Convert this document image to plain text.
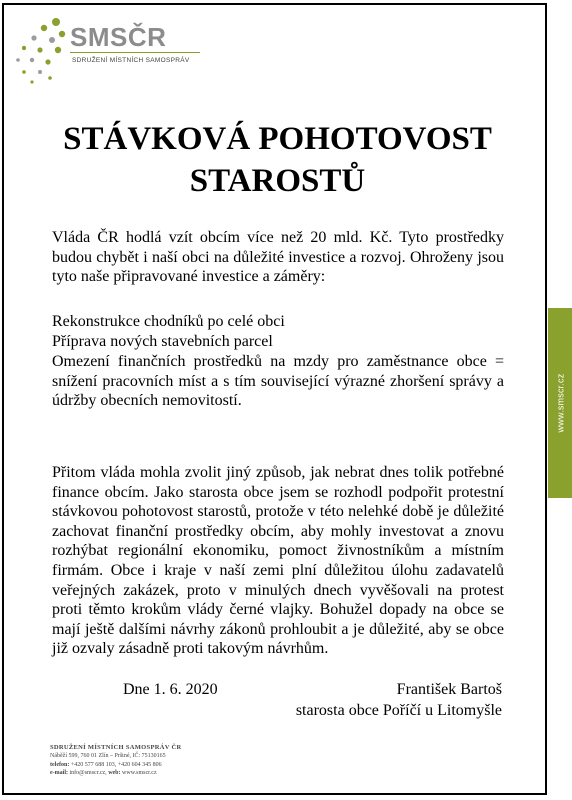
SMSČR
SDRUŽENÍ MÍSTNÍCH SAMOSPRÁV
www.smscr.cz
STÁVKOVÁ POHOTOVOST
STAROSTŮ

Vláda ČR hodlá vzít obcím více než 20 mld. Kč. Tyto prostředky budou chybět i naší obci na důležité investice a rozvoj. Ohroženy jsou tyto naše připravované investice a záměry:

Rekonstrukce chodníků po celé obci
Příprava nových stavebních parcel

Omezení finančních prostředků na mzdy pro zaměstnance obce = snížení pracovních míst a s tím související výrazné zhoršení správy a údržby obecních nemovitostí.

Přitom vláda mohla zvolit jiný způsob, jak nebrat dnes tolik potřebné finance obcím. Jako starosta obce jsem se rozhodl podpořit protestní stávkovou pohotovost starostů, protože v této nelehké době je důležité zachovat finanční prostředky obcím, aby mohly investovat a znovu rozhýbat regionální ekonomiku, pomoct živnostníkům a místním firmám. Obce i kraje v naší zemi plní důležitou úlohu zadavatelů veřejných zakázek, proto v minulých dnech vyvěšovali na protest proti těmto krokům vlády černé vlajky. Bohužel dopady na obce se mají ještě dalšími návrhy zákonů prohloubit a je důležité, aby se obce již ozvaly zásadně proti takovým návrhům.

Dne 1. 6. 2020	František Bartoš
starosta obce Poříčí u Litomyšle
SDRUŽENÍ MÍSTNÍCH SAMOSPRÁV ČR
Náběží 599, 760 01 Zlín – Prštné, IČ: 75130165
telefon: +420 577 688 103, +420 604 345 806
e-mail: info@smscr.cz, web: www.smscr.cz
